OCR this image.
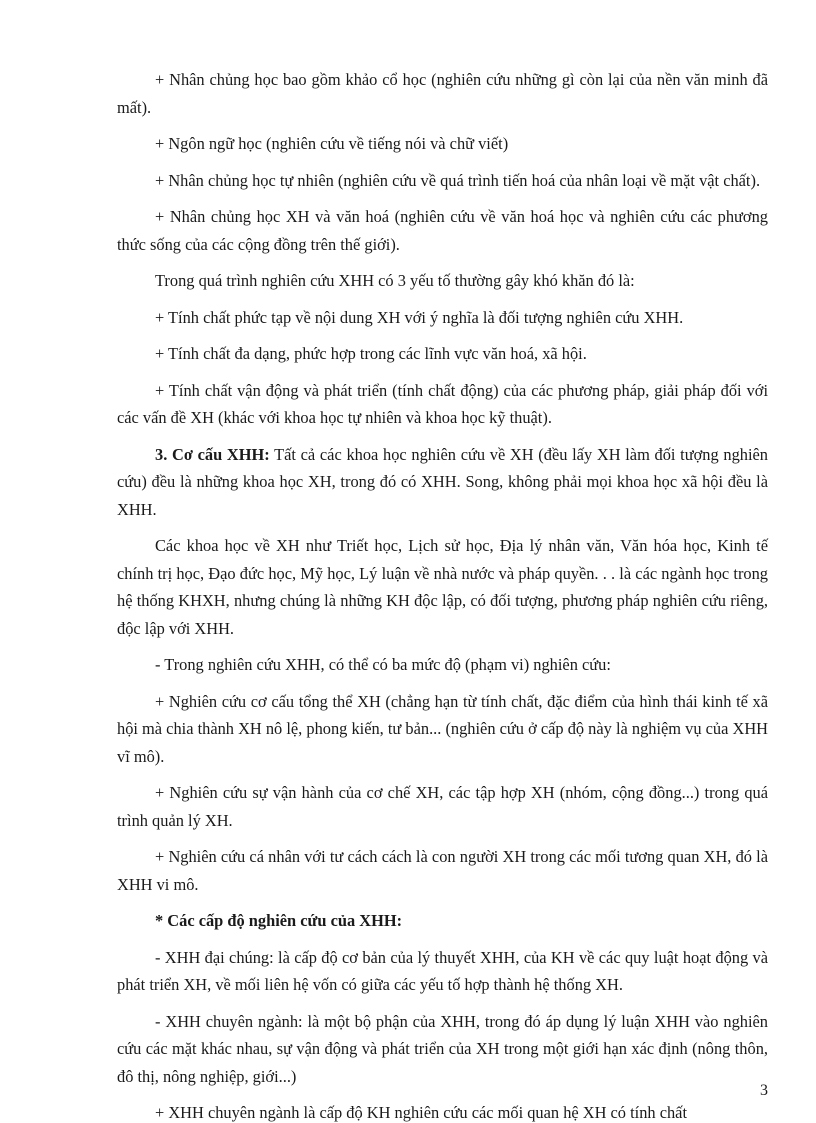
+ Nhân chủng học bao gồm khảo cổ học (nghiên cứu những gì còn lại của nền văn minh đã mất).

+ Ngôn ngữ học (nghiên cứu về tiếng nói và chữ viết)

+ Nhân chủng học tự nhiên (nghiên cứu về quá trình tiến hoá của nhân loại về mặt vật chất).

+ Nhân chủng học XH và văn hoá (nghiên cứu về văn hoá học và nghiên cứu các phương thức sống của các cộng đồng trên thế giới).

Trong quá trình nghiên cứu XHH có 3 yếu tố thường gây khó khăn đó là:

+ Tính chất phức tạp về nội dung XH với ý nghĩa là đối tượng nghiên cứu XHH.

+ Tính chất đa dạng, phức hợp trong các lĩnh vực văn hoá, xã hội.

+ Tính chất vận động và phát triển (tính chất động) của các phương pháp, giải pháp đối với các vấn đề XH (khác với khoa học tự nhiên và khoa học kỹ thuật).

3. Cơ cấu XHH: Tất cả các khoa học nghiên cứu về XH (đều lấy XH làm đối tượng nghiên cứu) đều là những khoa học XH, trong đó có XHH. Song, không phải mọi khoa học xã hội đều là XHH.

Các khoa học về XH như Triết học, Lịch sử học, Địa lý nhân văn, Văn hóa học, Kinh tế chính trị học, Đạo đức học, Mỹ học, Lý luận về nhà nước và pháp quyền. . . là các ngành học trong hệ thống KHXH, nhưng chúng là những KH độc lập, có đối tượng, phương pháp nghiên cứu riêng, độc lập với XHH.

- Trong nghiên cứu XHH, có thể có ba mức độ (phạm vi) nghiên cứu:

+ Nghiên cứu cơ cấu tổng thể XH (chẳng hạn từ tính chất, đặc điểm của hình thái kinh tế xã hội mà chia thành XH nô lệ, phong kiến, tư bản... (nghiên cứu ở cấp độ này là nghiệm vụ của XHH vĩ mô).

+ Nghiên cứu sự vận hành của cơ chế XH, các tập hợp XH (nhóm, cộng đồng...) trong quá trình quản lý XH.

+ Nghiên cứu cá nhân với tư cách cách là con người XH trong các mối tương quan XH, đó là XHH vi mô.

* Các cấp độ nghiên cứu của XHH:

- XHH đại chúng: là cấp độ cơ bản của lý thuyết XHH, của KH về các quy luật hoạt động và phát triển XH, về mối liên hệ vốn có giữa các yếu tố hợp thành hệ thống XH.

- XHH chuyên ngành: là một bộ phận của XHH, trong đó áp dụng lý luận XHH vào nghiên cứu các mặt khác nhau, sự vận động và phát triển của XH trong một giới hạn xác định (nông thôn, đô thị, nông nghiệp, giới...)

+ XHH chuyên ngành là cấp độ KH nghiên cứu các mối quan hệ XH có tính chất

3
